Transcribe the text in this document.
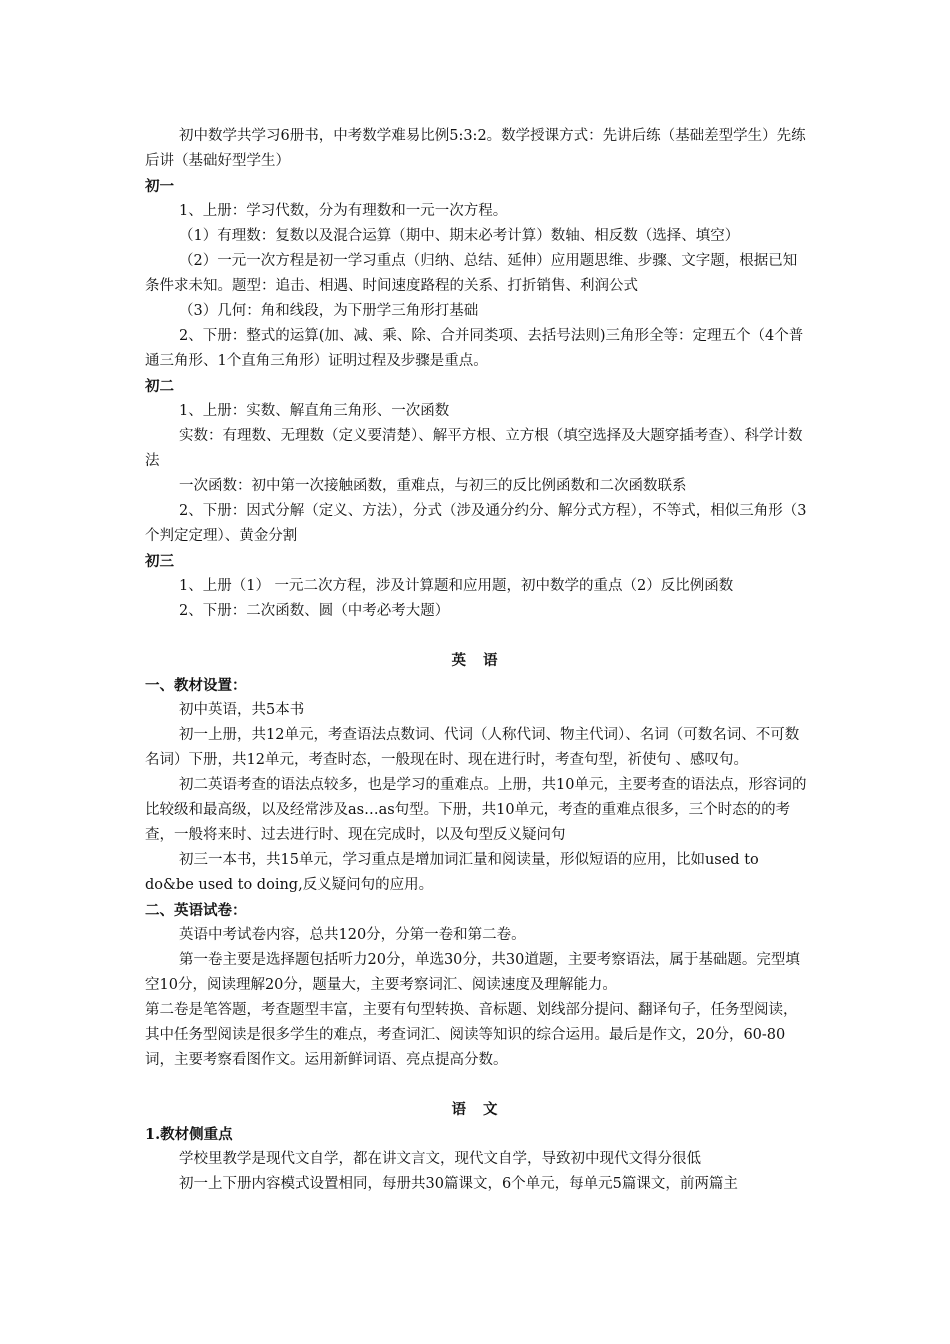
初中数学共学习6册书，中考数学难易比例5:3:2。数学授课方式：先讲后练（基础差型学生）先练后讲（基础好型学生）

初一

1、上册：学习代数，分为有理数和一元一次方程。

（1）有理数：复数以及混合运算（期中、期末必考计算）数轴、相反数（选择、填空）

（2）一元一次方程是初一学习重点（归纳、总结、延伸）应用题思维、步骤、文字题，根据已知条件求未知。题型：追击、相遇、时间速度路程的关系、打折销售、利润公式

（3）几何：角和线段，为下册学三角形打基础

2、下册：整式的运算(加、减、乘、除、合并同类项、去括号法则)三角形全等：定理五个（4个普通三角形、1个直角三角形）证明过程及步骤是重点。

初二

1、上册：实数、解直角三角形、一次函数

实数：有理数、无理数（定义要清楚）、解平方根、立方根（填空选择及大题穿插考查）、科学计数法

一次函数：初中第一次接触函数，重难点，与初三的反比例函数和二次函数联系

2、下册：因式分解（定义、方法），分式（涉及通分约分、解分式方程），不等式，相似三角形（3个判定定理）、黄金分割

初三

1、上册（1） 一元二次方程，涉及计算题和应用题，初中数学的重点（2）反比例函数

2、下册：二次函数、圆（中考必考大题）

英 语

一、教材设置：

初中英语，共5本书

初一上册，共12单元，考查语法点数词、代词（人称代词、物主代词）、名词（可数名词、不可数名词）下册，共12单元，考查时态，一般现在时、现在进行时，考查句型，祈使句 、感叹句。

初二英语考查的语法点较多，也是学习的重难点。上册，共10单元，主要考查的语法点，形容词的比较级和最高级，以及经常涉及as…as句型。下册，共10单元，考查的重难点很多，三个时态的的考查，一般将来时、过去进行时、现在完成时，以及句型反义疑问句

初三一本书，共15单元，学习重点是增加词汇量和阅读量，形似短语的应用，比如used to do&be used to doing,反义疑问句的应用。

二、英语试卷：

英语中考试卷内容，总共120分，分第一卷和第二卷。

第一卷主要是选择题包括听力20分，单选30分，共30道题，主要考察语法，属于基础题。完型填空10分，阅读理解20分，题量大，主要考察词汇、阅读速度及理解能力。

第二卷是笔答题，考查题型丰富，主要有句型转换、音标题、划线部分提问、翻译句子，任务型阅读，其中任务型阅读是很多学生的难点，考查词汇、阅读等知识的综合运用。最后是作文，20分，60-80词，主要考察看图作文。运用新鲜词语、亮点提高分数。

语 文

1.教材侧重点

学校里教学是现代文自学，都在讲文言文，现代文自学，导致初中现代文得分很低

初一上下册内容模式设置相同，每册共30篇课文，6个单元，每单元5篇课文，前两篇主
